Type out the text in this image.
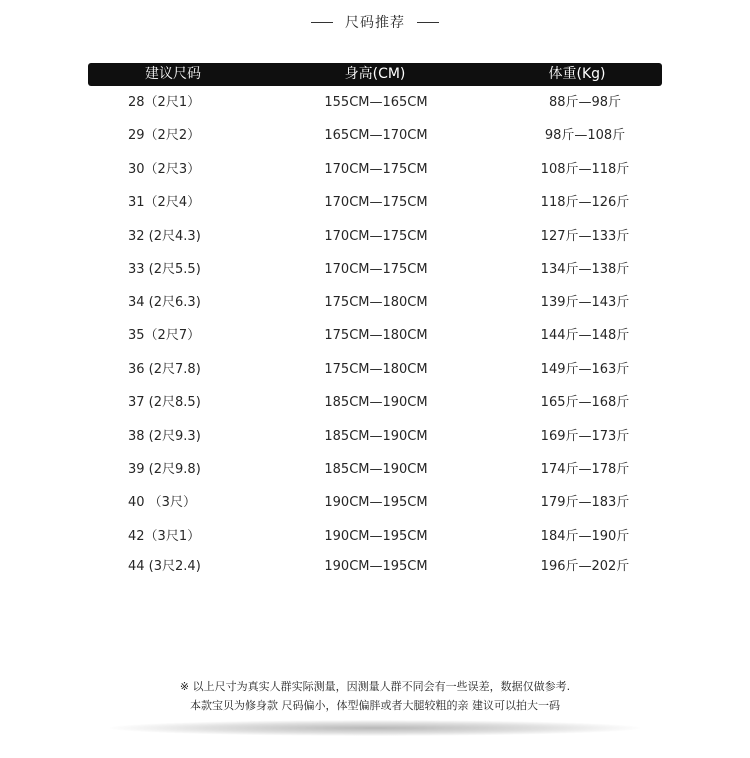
尺码推荐
建议尺码	身高(CM)	体重(Kg)
28（2尺1）	155CM—165CM	88斤—98斤
29（2尺2）	165CM—170CM	98斤—108斤
30（2尺3）	170CM—175CM	108斤—118斤
31（2尺4）	170CM—175CM	118斤—126斤
32 (2尺4.3)	170CM—175CM	127斤—133斤
33 (2尺5.5)	170CM—175CM	134斤—138斤
34 (2尺6.3)	175CM—180CM	139斤—143斤
35（2尺7）	175CM—180CM	144斤—148斤
36 (2尺7.8)	175CM—180CM	149斤—163斤
37 (2尺8.5)	185CM—190CM	165斤—168斤
38 (2尺9.3)	185CM—190CM	169斤—173斤
39 (2尺9.8)	185CM—190CM	174斤—178斤
40 （3尺）	190CM—195CM	179斤—183斤
42（3尺1）	190CM—195CM	184斤—190斤
44 (3尺2.4)	190CM—195CM	196斤—202斤
※ 以上尺寸为真实人群实际测量，因测量人群不同会有一些误差，数据仅做参考.
本款宝贝为修身款 尺码偏小，体型偏胖或者大腿较粗的亲 建议可以拍大一码
